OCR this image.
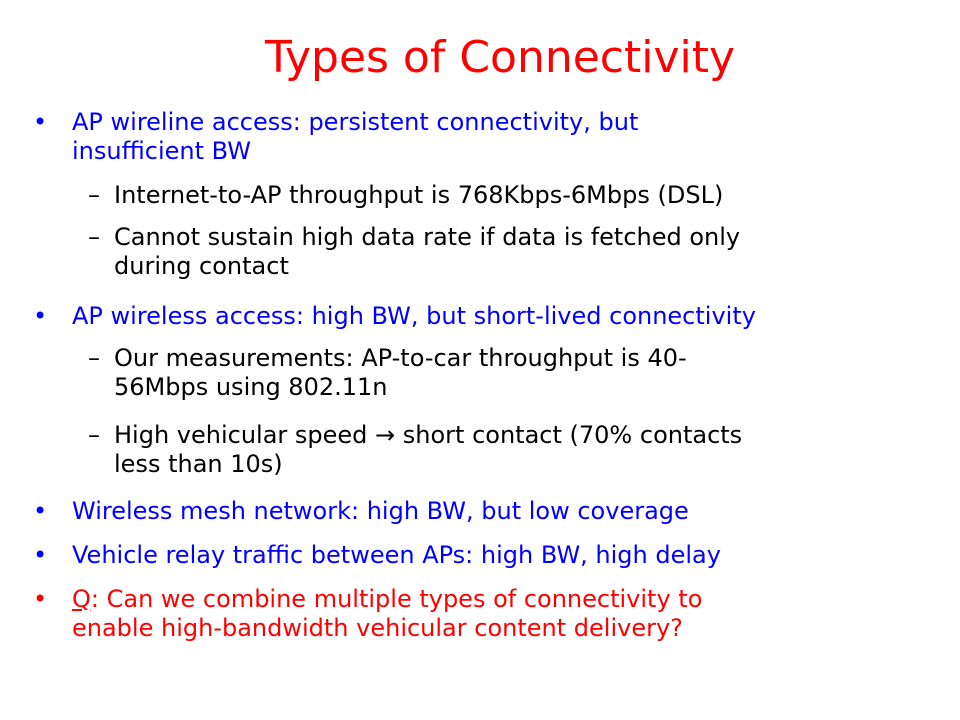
Types of Connectivity
• AP wireline access: persistent connectivity, but
insufficient BW
– Internet-to-AP throughput is 768Kbps-6Mbps (DSL)
– Cannot sustain high data rate if data is fetched only
during contact
• AP wireless access: high BW, but short-lived connectivity
– Our measurements: AP-to-car throughput is 40-
56Mbps using 802.11n
– High vehicular speed → short contact (70% contacts
less than 10s)
• Wireless mesh network: high BW, but low coverage
• Vehicle relay traffic between APs: high BW, high delay
• Q: Can we combine multiple types of connectivity to
enable high-bandwidth vehicular content delivery?
